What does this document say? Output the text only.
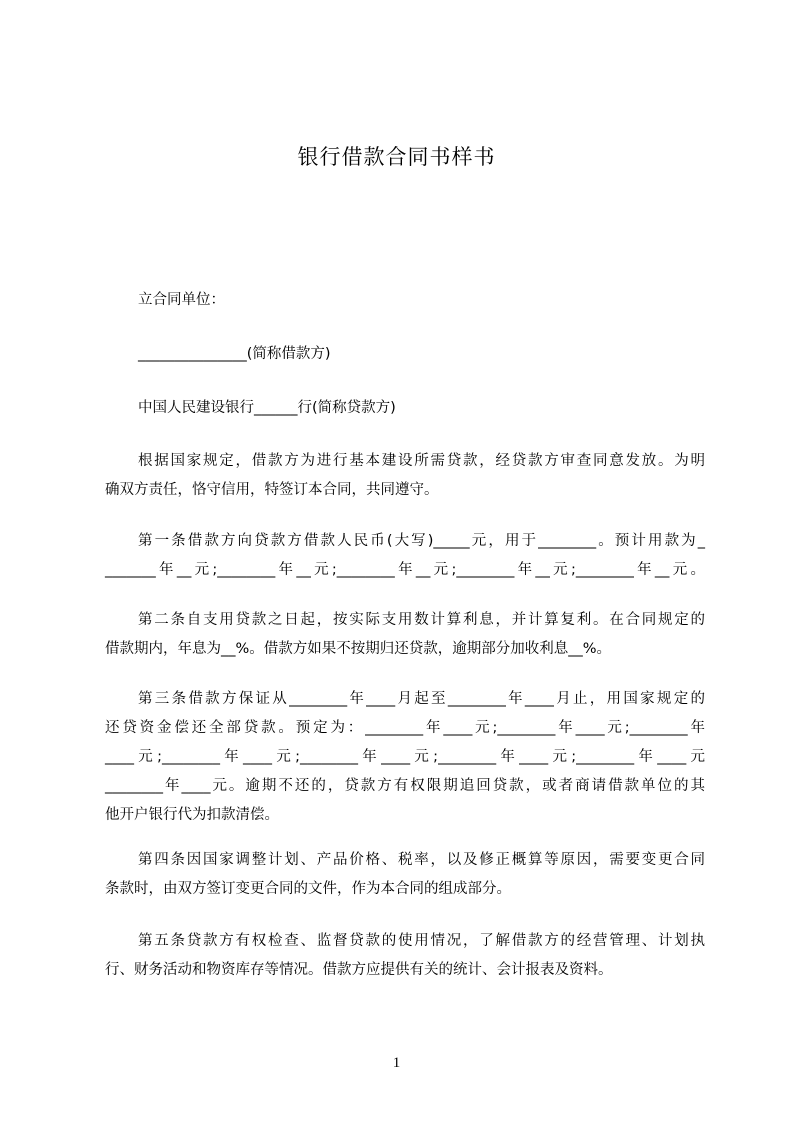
银行借款合同书样书
立合同单位：
_______________(简称借款方)
中国人民建设银行______行(简称贷款方)
根据国家规定，借款方为进行基本建设所需贷款，经贷款方审查同意发放。为明
确双方责任，恪守信用，特签订本合同，共同遵守。
第一条借款方向贷款方借款人民币(大写)_____元，用于________。预计用款为_
_______年__元;________年__元;________年__元;________年__元;________年__元。
第二条自支用贷款之日起，按实际支用数计算利息，并计算复利。在合同规定的
借款期内，年息为__%。借款方如果不按期归还贷款，逾期部分加收利息__%。
第三条借款方保证从________年____月起至________年____月止，用国家规定的
还贷资金偿还全部贷款。预定为：________年____元;________年____元;________年
____元;________年____元;________年____元;________年____元;________年____元
________年____元。逾期不还的，贷款方有权限期追回贷款，或者商请借款单位的其
他开户银行代为扣款清偿。
第四条因国家调整计划、产品价格、税率，以及修正概算等原因，需要变更合同
条款时，由双方签订变更合同的文件，作为本合同的组成部分。
第五条贷款方有权检查、监督贷款的使用情况，了解借款方的经营管理、计划执
行、财务活动和物资库存等情况。借款方应提供有关的统计、会计报表及资料。
1
